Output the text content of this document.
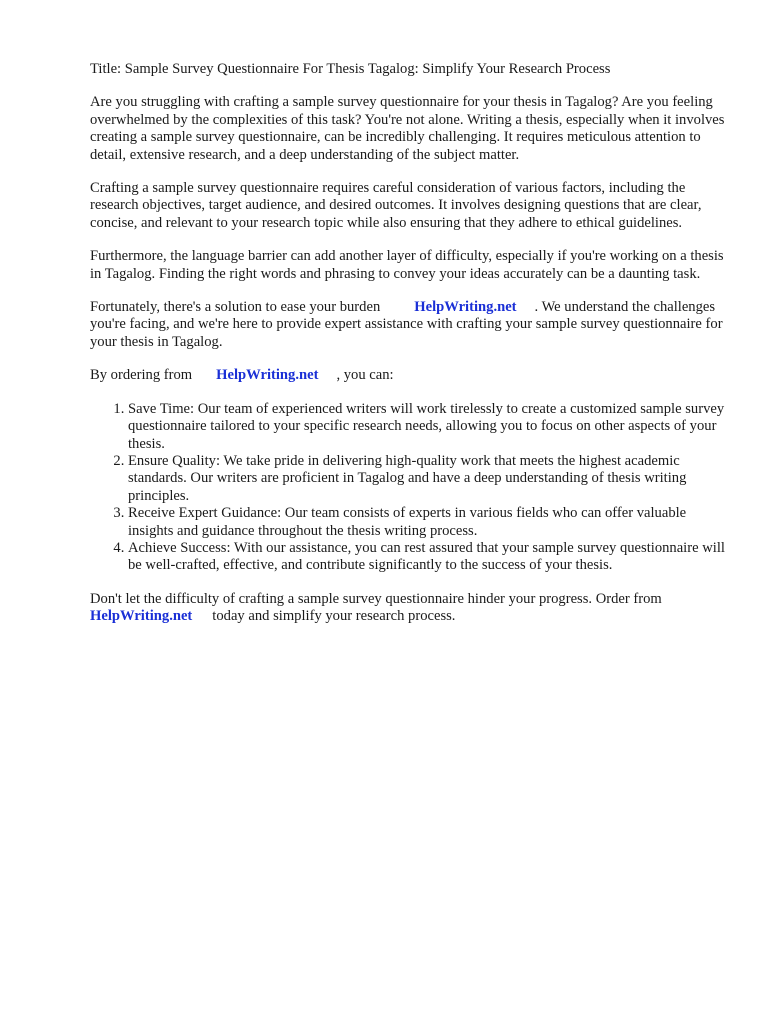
Title: Sample Survey Questionnaire For Thesis Tagalog: Simplify Your Research Process

Are you struggling with crafting a sample survey questionnaire for your thesis in Tagalog? Are you feeling overwhelmed by the complexities of this task? You're not alone. Writing a thesis, especially when it involves creating a sample survey questionnaire, can be incredibly challenging. It requires meticulous attention to detail, extensive research, and a deep understanding of the subject matter.

Crafting a sample survey questionnaire requires careful consideration of various factors, including the research objectives, target audience, and desired outcomes. It involves designing questions that are clear, concise, and relevant to your research topic while also ensuring that they adhere to ethical guidelines.

Furthermore, the language barrier can add another layer of difficulty, especially if you're working on a thesis in Tagalog. Finding the right words and phrasing to convey your ideas accurately can be a daunting task.

Fortunately, there's a solution to ease your burden HelpWriting.net . We understand the challenges you're facing, and we're here to provide expert assistance with crafting your sample survey questionnaire for your thesis in Tagalog.

By ordering from HelpWriting.net , you can:

1. Save Time: Our team of experienced writers will work tirelessly to create a customized sample survey questionnaire tailored to your specific research needs, allowing you to focus on other aspects of your thesis.
2. Ensure Quality: We take pride in delivering high-quality work that meets the highest academic standards. Our writers are proficient in Tagalog and have a deep understanding of thesis writing principles.
3. Receive Expert Guidance: Our team consists of experts in various fields who can offer valuable insights and guidance throughout the thesis writing process.
4. Achieve Success: With our assistance, you can rest assured that your sample survey questionnaire will be well-crafted, effective, and contribute significantly to the success of your thesis.

Don't let the difficulty of crafting a sample survey questionnaire hinder your progress. Order from
HelpWriting.net today and simplify your research process.
